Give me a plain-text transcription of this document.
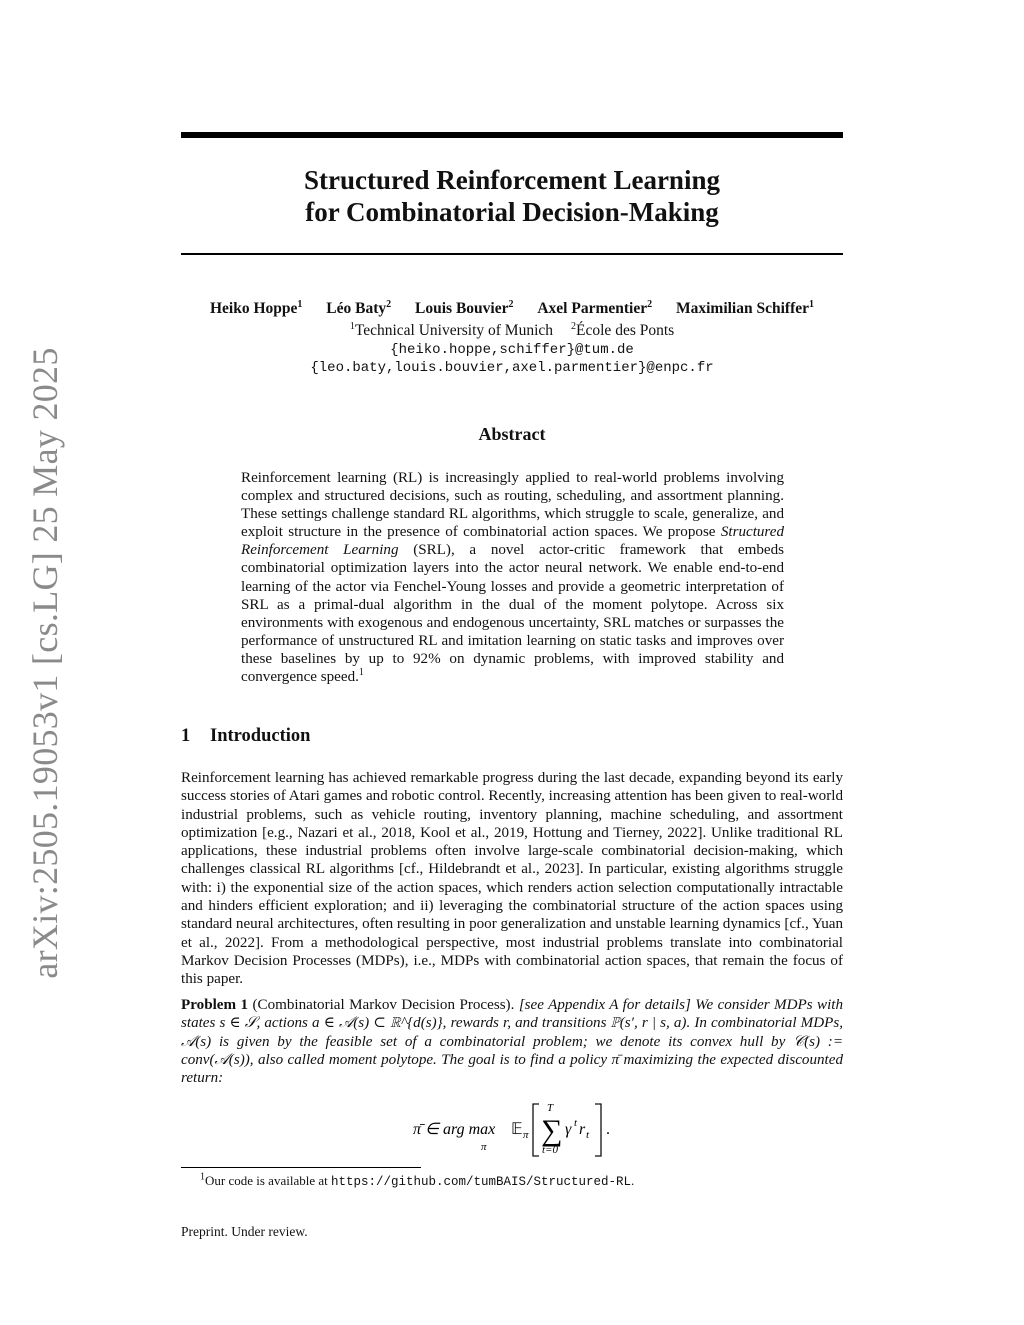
arXiv:2505.19053v1 [cs.LG] 25 May 2025
Structured Reinforcement Learning
for Combinatorial Decision-Making
Heiko Hoppe$^1$ Léo Baty$^2$ Louis Bouvier$^2$ Axel Parmentier$^2$ Maximilian Schiffer$^1$
$^1$Technical University of Munich $^2$École des Ponts
{heiko.hoppe,schiffer}@tum.de
{leo.baty,louis.bouvier,axel.parmentier}@enpc.fr
Abstract
Reinforcement learning (RL) is increasingly applied to real-world problems involving complex and structured decisions, such as routing, scheduling, and assortment planning. These settings challenge standard RL algorithms, which struggle to scale, generalize, and exploit structure in the presence of combinatorial action spaces. We propose Structured Reinforcement Learning (SRL), a novel actor-critic framework that embeds combinatorial optimization layers into the actor neural network. We enable end-to-end learning of the actor via Fenchel-Young losses and provide a geometric interpretation of SRL as a primal-dual algorithm in the dual of the moment polytope. Across six environments with exogenous and endogenous uncertainty, SRL matches or surpasses the performance of unstructured RL and imitation learning on static tasks and improves over these baselines by up to 92% on dynamic problems, with improved stability and convergence speed.$^1$
1 Introduction
Reinforcement learning has achieved remarkable progress during the last decade, expanding beyond its early success stories of Atari games and robotic control. Recently, increasing attention has been given to real-world industrial problems, such as vehicle routing, inventory planning, machine scheduling, and assortment optimization [e.g., Nazari et al., 2018, Kool et al., 2019, Hottung and Tierney, 2022]. Unlike traditional RL applications, these industrial problems often involve large-scale combinatorial decision-making, which challenges classical RL algorithms [cf., Hildebrandt et al., 2023]. In particular, existing algorithms struggle with: i) the exponential size of the action spaces, which renders action selection computationally intractable and hinders efficient exploration; and ii) leveraging the combinatorial structure of the action spaces using standard neural architectures, often resulting in poor generalization and unstable learning dynamics [cf., Yuan et al., 2022]. From a methodological perspective, most industrial problems translate into combinatorial Markov Decision Processes (MDPs), i.e., MDPs with combinatorial action spaces, that remain the focus of this paper.
Problem 1 (Combinatorial Markov Decision Process). [see Appendix A for details] We consider MDPs with states s ∈ 𝒮, actions a ∈ 𝒜(s) ⊂ ℝ^{d(s)}, rewards r, and transitions ℙ(s′, r | s, a). In combinatorial MDPs, 𝒜(s) is given by the feasible set of a combinatorial problem; we denote its convex hull by 𝒞(s) := conv(𝒜(s)), also called moment polytope. The goal is to find a policy π̄ maximizing the expected discounted return:
π̄ ∈ arg max
π
𝔼 π
T
∑
t=0
γ t r t .
$^1$Our code is available at https://github.com/tumBAIS/Structured-RL.
Preprint. Under review.
